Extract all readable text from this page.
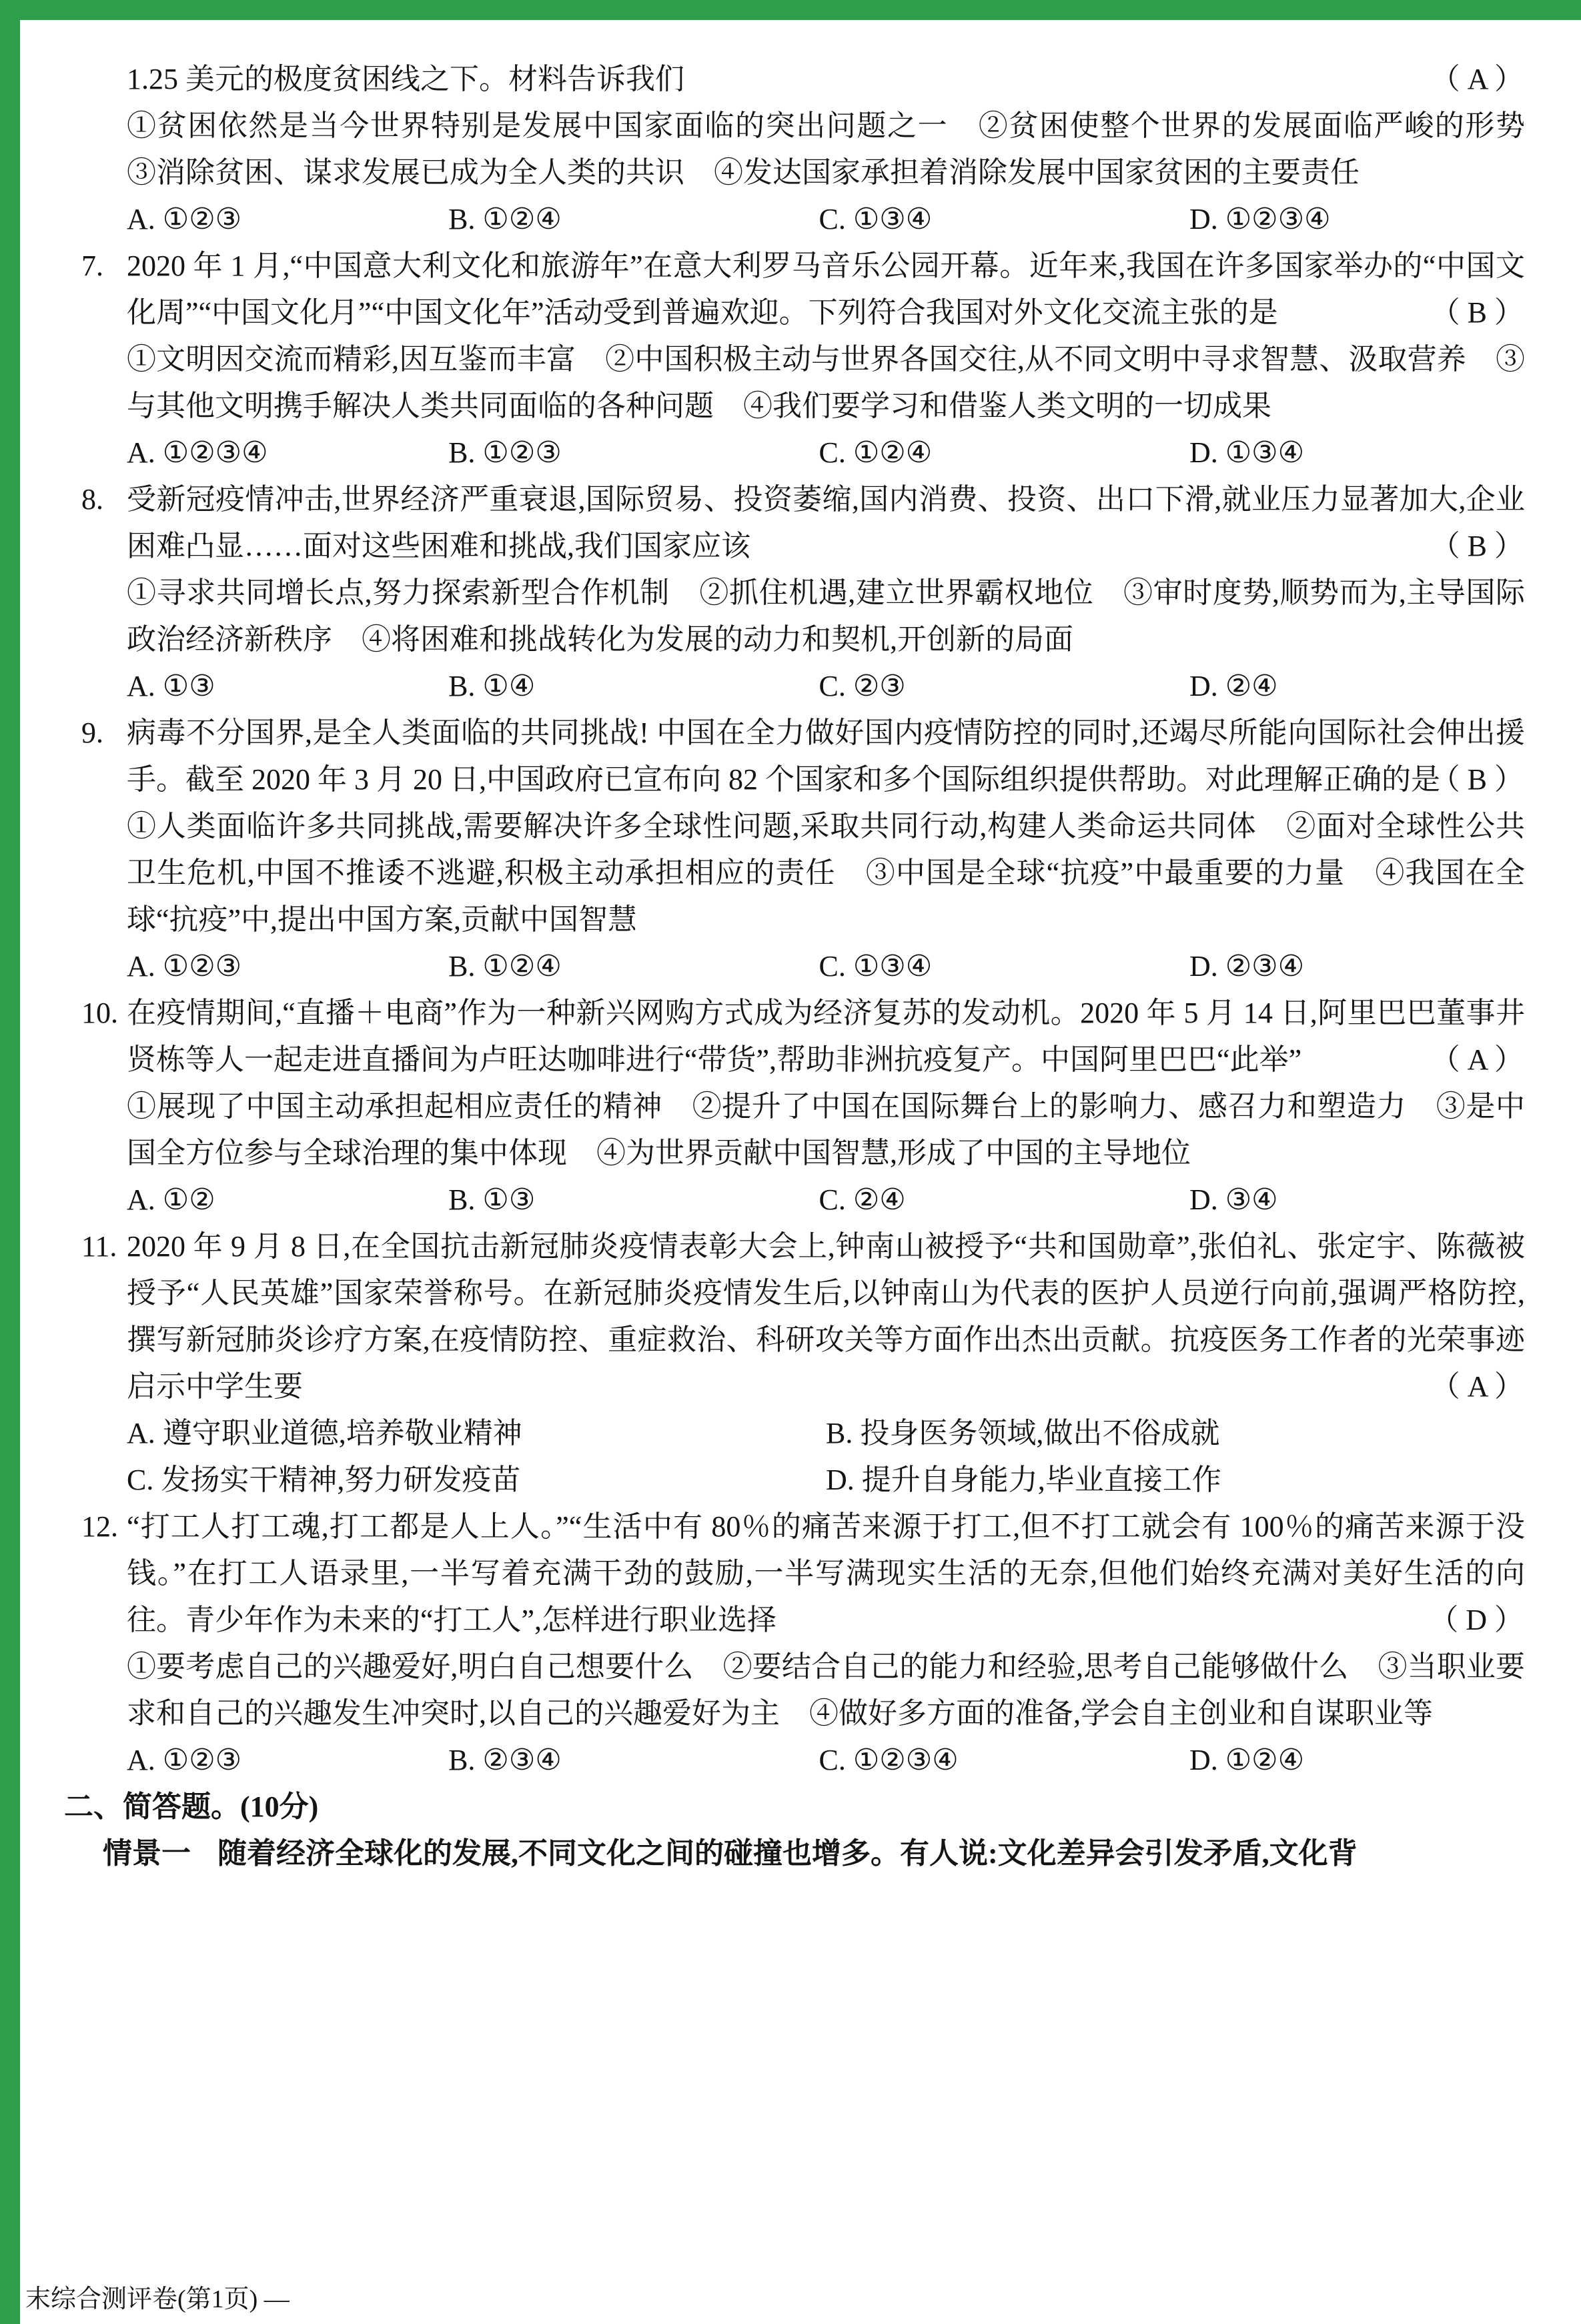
1.25 美元的极度贫困线之下。材料告诉我们	（ A ）
①贫困依然是当今世界特别是发展中国家面临的突出问题之一　②贫困使整个世界的发展面临严峻的形势　③消除贫困、谋求发展已成为全人类的共识　④发达国家承担着消除发展中国家贫困的主要责任
A. ①②③	B. ①②④	C. ①③④	D. ①②③④
7. 2020 年 1 月,“中国意大利文化和旅游年”在意大利罗马音乐公园开幕。近年来,我国在许多国家举办的“中国文化周”“中国文化月”“中国文化年”活动受到普遍欢迎。下列符合我国对外文化交流主张的是	（ B ）
①文明因交流而精彩,因互鉴而丰富　②中国积极主动与世界各国交往,从不同文明中寻求智慧、汲取营养　③与其他文明携手解决人类共同面临的各种问题　④我们要学习和借鉴人类文明的一切成果
A. ①②③④	B. ①②③	C. ①②④	D. ①③④
8. 受新冠疫情冲击,世界经济严重衰退,国际贸易、投资萎缩,国内消费、投资、出口下滑,就业压力显著加大,企业困难凸显……面对这些困难和挑战,我们国家应该	（ B ）
①寻求共同增长点,努力探索新型合作机制　②抓住机遇,建立世界霸权地位　③审时度势,顺势而为,主导国际政治经济新秩序　④将困难和挑战转化为发展的动力和契机,开创新的局面
A. ①③	B. ①④	C. ②③	D. ②④
9. 病毒不分国界,是全人类面临的共同挑战! 中国在全力做好国内疫情防控的同时,还竭尽所能向国际社会伸出援手。截至 2020 年 3 月 20 日,中国政府已宣布向 82 个国家和多个国际组织提供帮助。对此理解正确的是
（ B ）
①人类面临许多共同挑战,需要解决许多全球性问题,采取共同行动,构建人类命运共同体　②面对全球性公共卫生危机,中国不推诿不逃避,积极主动承担相应的责任　③中国是全球“抗疫”中最重要的力量　④我国在全球“抗疫”中,提出中国方案,贡献中国智慧
A. ①②③	B. ①②④	C. ①③④	D. ②③④
10. 在疫情期间,“直播＋电商”作为一种新兴网购方式成为经济复苏的发动机。2020 年 5 月 14 日,阿里巴巴董事井贤栋等人一起走进直播间为卢旺达咖啡进行“带货”,帮助非洲抗疫复产。中国阿里巴巴“此举”	（ A ）
①展现了中国主动承担起相应责任的精神　②提升了中国在国际舞台上的影响力、感召力和塑造力　③是中国全方位参与全球治理的集中体现　④为世界贡献中国智慧,形成了中国的主导地位
A. ①②	B. ①③	C. ②④	D. ③④
11. 2020 年 9 月 8 日,在全国抗击新冠肺炎疫情表彰大会上,钟南山被授予“共和国勋章”,张伯礼、张定宇、陈薇被授予“人民英雄”国家荣誉称号。在新冠肺炎疫情发生后,以钟南山为代表的医护人员逆行向前,强调严格防控,撰写新冠肺炎诊疗方案,在疫情防控、重症救治、科研攻关等方面作出杰出贡献。抗疫医务工作者的光荣事迹启示中学生要	（ A ）
A. 遵守职业道德,培养敬业精神	B. 投身医务领域,做出不俗成就
C. 发扬实干精神,努力研发疫苗	D. 提升自身能力,毕业直接工作
12. “打工人打工魂,打工都是人上人。”“生活中有 80％的痛苦来源于打工,但不打工就会有 100％的痛苦来源于没钱。”在打工人语录里,一半写着充满干劲的鼓励,一半写满现实生活的无奈,但他们始终充满对美好生活的向往。青少年作为未来的“打工人”,怎样进行职业选择	（ D ）
①要考虑自己的兴趣爱好,明白自己想要什么　②要结合自己的能力和经验,思考自己能够做什么　③当职业要求和自己的兴趣发生冲突时,以自己的兴趣爱好为主　④做好多方面的准备,学会自主创业和自谋职业等
A. ①②③	B. ②③④	C. ①②③④	D. ①②④
二、简答题。(10分)
情景一 随着经济全球化的发展,不同文化之间的碰撞也增多。有人说:文化差异会引发矛盾,文化背
末综合测评卷(第1页) —
